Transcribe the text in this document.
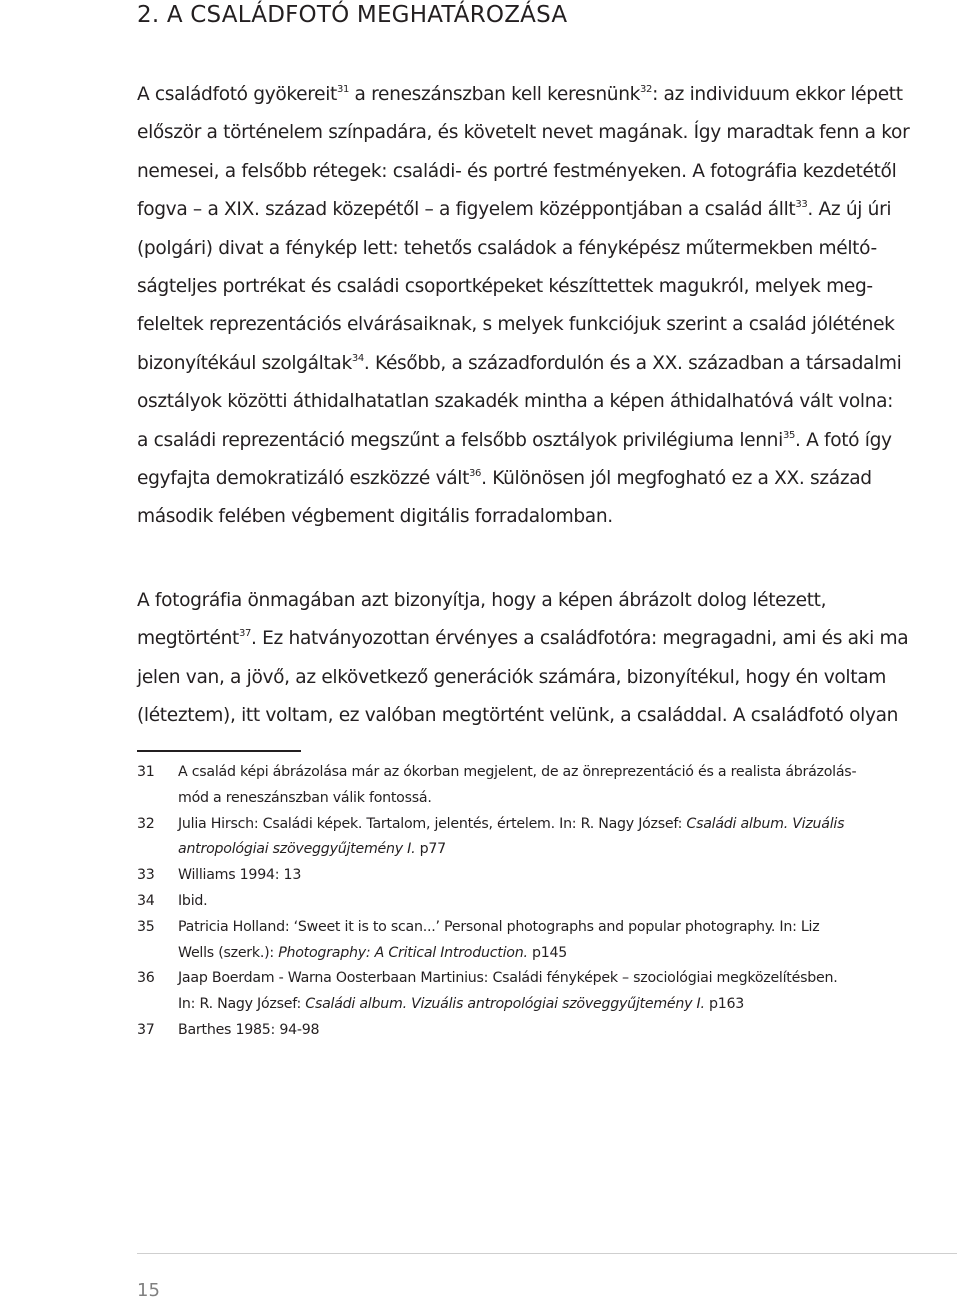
2. A CSALÁDFOTÓ MEGHATÁROZÁSA
A családfotó gyökereit$^{31}$ a reneszánszban kell keresnünk$^{32}$: az individuum ekkor lépett
először a történelem színpadára, és követelt nevet magának. Így maradtak fenn a kor
nemesei, a felsőbb rétegek: családi- és portré festményeken. A fotográfia kezdetétől
fogva – a XIX. század közepétől – a figyelem középpontjában a család állt$^{33}$. Az új úri
(polgári) divat a fénykép lett: tehetős családok a fényképész műtermekben méltó-
ságteljes portrékat és családi csoportképeket készíttettek magukról, melyek meg-
feleltek reprezentációs elvárásaiknak, s melyek funkciójuk szerint a család jólétének
bizonyítékául szolgáltak$^{34}$. Később, a századfordulón és a XX. században a társadalmi
osztályok közötti áthidalhatatlan szakadék mintha a képen áthidalhatóvá vált volna:
a családi reprezentáció megszűnt a felsőbb osztályok privilégiuma lenni$^{35}$. A fotó így
egyfajta demokratizáló eszközzé vált$^{36}$. Különösen jól megfogható ez a XX. század
második felében végbement digitális forradalomban.
A fotográfia önmagában azt bizonyítja, hogy a képen ábrázolt dolog létezett,
megtörtént$^{37}$. Ez hatványozottan érvényes a családfotóra: megragadni, ami és aki ma
jelen van, a jövő, az elkövetkező generációk számára, bizonyítékul, hogy én voltam
(léteztem), itt voltam, ez valóban megtörtént velünk, a családdal. A családfotó olyan
31 A család képi ábrázolása már az ókorban megjelent, de az önreprezentáció és a realista ábrázolás-
mód a reneszánszban válik fontossá.
32 Julia Hirsch: Családi képek. Tartalom, jelentés, értelem. In: R. Nagy József: Családi album. Vizuális
antropológiai szöveggyűjtemény I. p77
33 Williams 1994: 13
34 Ibid.
35 Patricia Holland: ‘Sweet it is to scan...’ Personal photographs and popular photography. In: Liz
Wells (szerk.): Photography: A Critical Introduction. p145
36 Jaap Boerdam - Warna Oosterbaan Martinius: Családi fényképek – szociológiai megközelítésben.
In: R. Nagy József: Családi album. Vizuális antropológiai szöveggyűjtemény I. p163
37 Barthes 1985: 94-98
15
